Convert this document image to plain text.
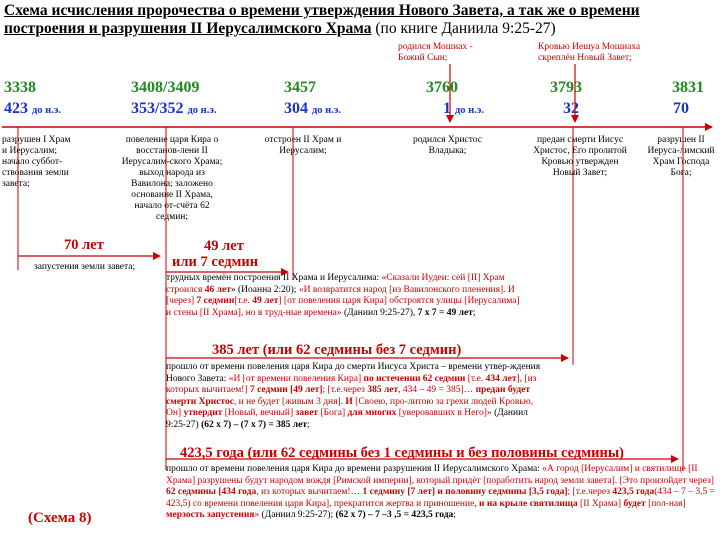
Схема исчисления пророчества о времени утверждения Нового Завета, а так же о времени построения и разрушения II Иерусалимского Храма (по книге Даниила 9:25-27)
родился Мошиах - Божий Сын;
Кровью Иешуа Мошиаха скреплён Новый Завет;
3338	3408/3409	3457	3760	3793	3831
423 до н.э.	353/352 до н.э.	304 до н.э.	1 до н.э.	32	70
разрушен I Храм и Иерусалим; начало суббот-ствования земли завета;
повеление царя Кира о восстанов-лени II Иерусалим-ского Храма; выход народа из Вавилона; заложено основание II Храма, начало от-счёта 62 седмин;
отстроен II Храм и Иерусалим;
родился Христос Владыка;
предан смерти Иисус Христос, Его пролитой Кровью утвержден Новый Завет;
разрушен II Иеруса-лимский Храм Господа Бога;
70 лет
запустения земли завета;
49 лет
или 7 седмин
385 лет (или 62 седмины без 7 седмин)
423,5 года (или 62 седмины без 1 седмины и без половины седмины)
трудных времён построения II Храма и Иерусалима: «Сказали Иудеи: сей [II] Храм строился 46 лет» (Иоанна 2:20); «И возвратится народ [из Вавилонского пленения]. И [через] 7 седмин[т.е. 49 лет] [от повеления царя Кира] обстроятся улицы [Иерусалима] и стены [II Храма], но в труд-ные времена» (Даниил 9:25-27), 7 х 7 = 49 лет;
прошло от времени повеления царя Кира до смерти Иисуса Христа – времени утвер-ждения Нового Завета: «И [от времени повеления Кира] по истечении 62 седмин [т.е. 434 лет], [из которых вычитаем!] 7 седмин [49 лет]; [т.е.через 385 лет, 434 – 49 = 385]… предан будет смерти Христос, и не будет [живым 3 дня]. И [Своею, про-литою за грехи людей Кровью, Он] утвердит [Новый, вечный] завет [Бога] для многих [уверовавших в Него]» (Даниил 9:25-27) (62 х 7) – (7 х 7) = 385 лет;
прошло от времени повеления царя Кира до времени разрушения II Иерусалимского Храма: «А город [Иерусалим] и святилище [II Храма] разрушены будут народом вождя [Римской империи], который придёт [поработить народ земли завета]. [Это произойдет через] 62 седмины [434 года, из которых вычитаем!… 1 седмину [7 лет] и половину седмины [3,5 года]; [т.е.через 423,5 года(434 – 7 – 3,5 = 423,5) со времени повеления царя Кира], прекратится жертва и приношение, и на крыле святилища [II Храма] будет [пол-ная] мерзость запустения» (Даниил 9:25-27); (62 х 7) – 7 –3 ,5 = 423,5 года;
(Схема 8)
